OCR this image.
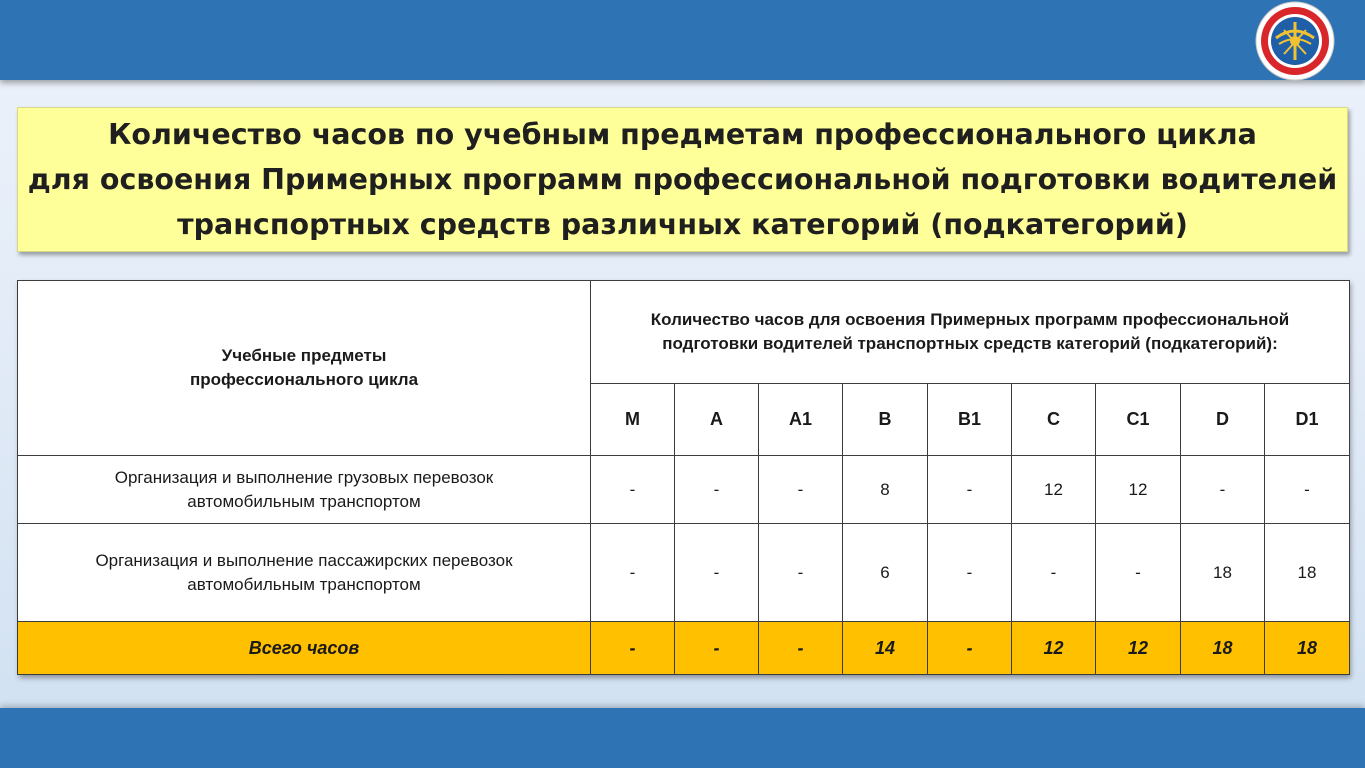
Количество часов по учебным предметам профессионального цикла
для освоения Примерных программ профессиональной подготовки водителей
транспортных средств различных категорий (подкатегорий)
Учебные предметы
профессионального цикла	Количество часов для освоения Примерных программ профессиональной
подготовки водителей транспортных средств категорий (подкатегорий):								
	M	A	A1	B	B1	C	C1	D	D1
Организация и выполнение грузовых перевозок
автомобильным транспортом	-	-	-	8	-	12	12	-	-
Организация и выполнение пассажирских перевозок
автомобильным транспортом	-	-	-	6	-	-	-	18	18
Всего часов	-	-	-	14	-	12	12	18	18
